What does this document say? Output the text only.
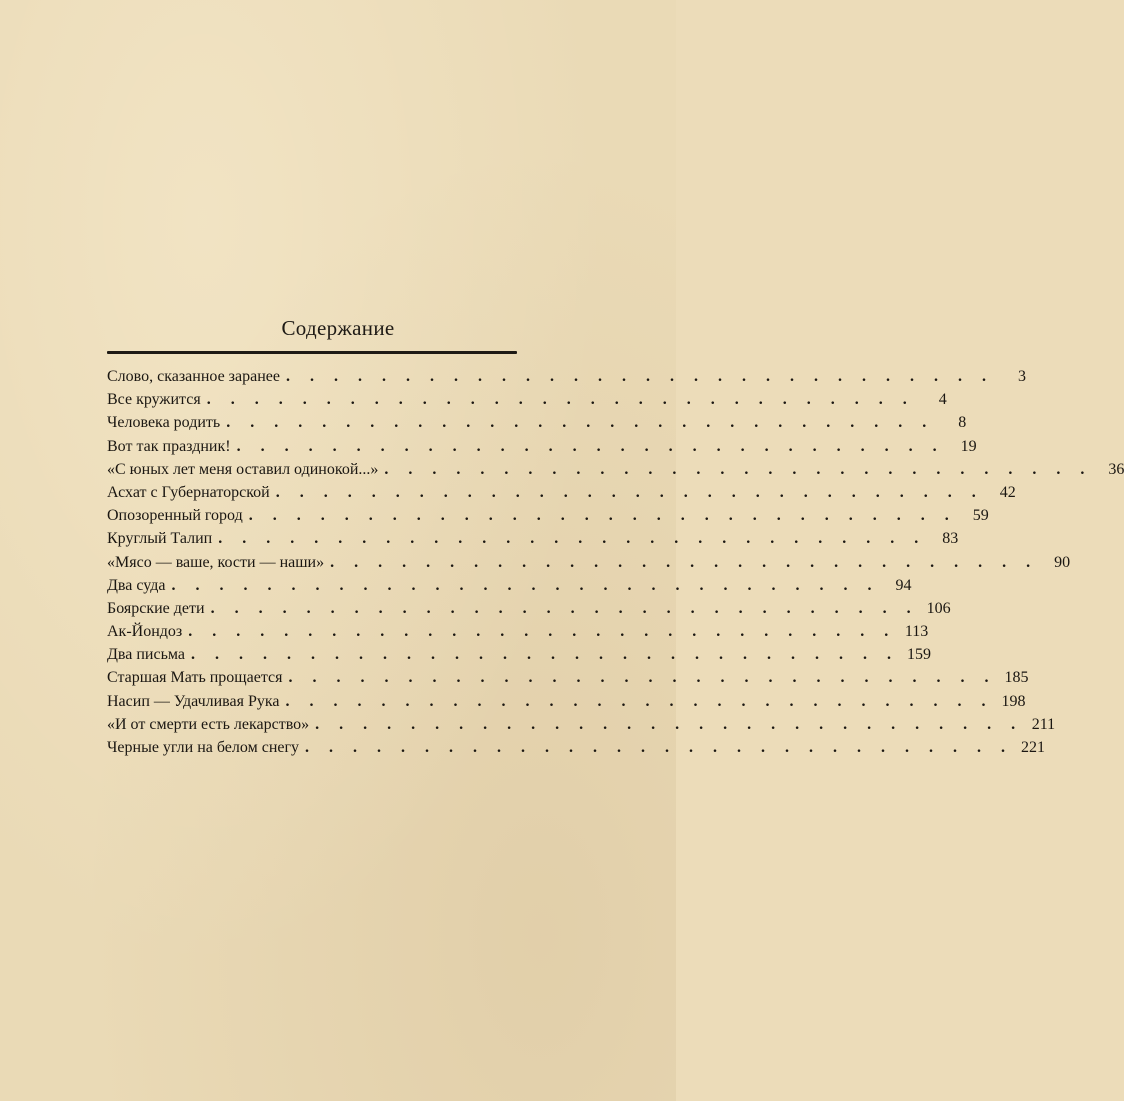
Содержание
Слово, сказанное заранее . . . . . . . . . . . . . . . . . . . . . . . . . . . . . .	3
Все кружится . . . . . . . . . . . . . . . . . . . . . . . . . . . . . .	4
Человека родить . . . . . . . . . . . . . . . . . . . . . . . . . . . . . .	8
Вот так праздник! . . . . . . . . . . . . . . . . . . . . . . . . . . . . . .	19
«С юных лет меня оставил одинокой...» . . . . . . . . . . . . . . . . . . . . . . . . . . . . . .	36
Асхат с Губернаторской . . . . . . . . . . . . . . . . . . . . . . . . . . . . . .	42
Опозоренный город . . . . . . . . . . . . . . . . . . . . . . . . . . . . . .	59
Круглый Талип . . . . . . . . . . . . . . . . . . . . . . . . . . . . . .	83
«Мясо — ваше, кости — наши» . . . . . . . . . . . . . . . . . . . . . . . . . . . . . .	90
Два суда . . . . . . . . . . . . . . . . . . . . . . . . . . . . . .	94
Боярские дети . . . . . . . . . . . . . . . . . . . . . . . . . . . . . . 106
Ак-Йондоз . . . . . . . . . . . . . . . . . . . . . . . . . . . . . . 113
Два письма . . . . . . . . . . . . . . . . . . . . . . . . . . . . . . 159
Старшая Мать прощается . . . . . . . . . . . . . . . . . . . . . . . . . . . . . . 185
Насип — Удачливая Рука . . . . . . . . . . . . . . . . . . . . . . . . . . . . . . 198
«И от смерти есть лекарство» . . . . . . . . . . . . . . . . . . . . . . . . . . . . . . 211
Черные угли на белом снегу . . . . . . . . . . . . . . . . . . . . . . . . . . . . . . 221
